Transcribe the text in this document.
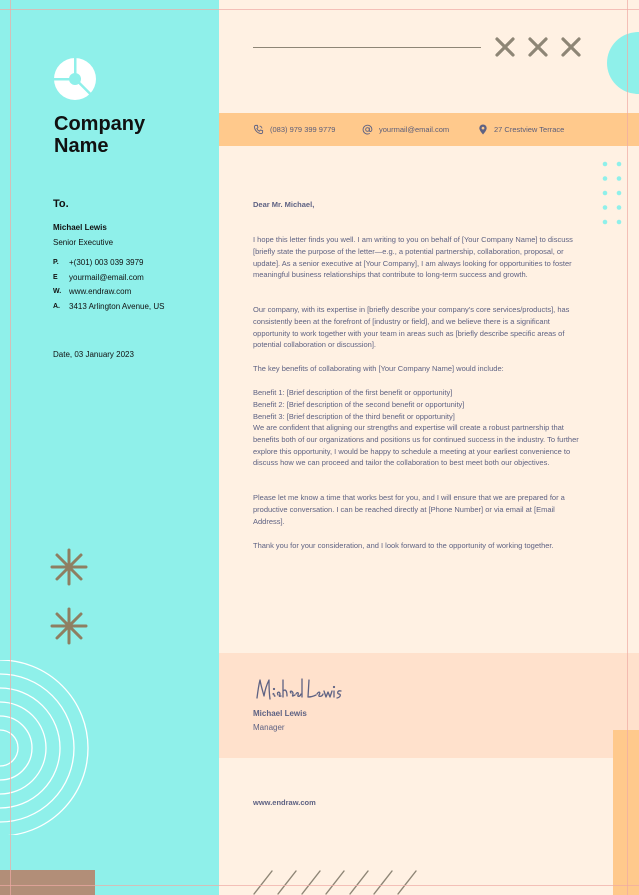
Company
Name
To.
Michael Lewis
Senior Executive
P.	+(301) 003 039 3979
E	yourmail@email.com
W. www.endraw.com
A.	3413 Arlington Avenue, US
Date, 03 January 2023
(083) 979 399 9779	yourmail@email.com	27 Crestview Terrace
Dear Mr. Michael,
I hope this letter finds you well. I am writing to you on behalf of [Your Company Name] to discuss [briefly state the purpose of the letter—e.g., a potential partnership, collaboration, proposal, or update]. As a senior executive at [Your Company], I am always looking for opportunities to foster meaningful business relationships that contribute to long-term success and growth.
Our company, with its expertise in [briefly describe your company's core services/products], has consistently been at the forefront of [industry or field], and we believe there is a significant opportunity to work together with your team in areas such as [briefly describe specific areas of potential collaboration or discussion].
The key benefits of collaborating with [Your Company Name] would include:
Benefit 1: [Brief description of the first benefit or opportunity]
Benefit 2: [Brief description of the second benefit or opportunity]
Benefit 3: [Brief description of the third benefit or opportunity]
We are confident that aligning our strengths and expertise will create a robust partnership that benefits both of our organizations and positions us for continued success in the industry. To further explore this opportunity, I would be happy to schedule a meeting at your earliest convenience to discuss how we can proceed and tailor the collaboration to best meet both our objectives.
Please let me know a time that works best for you, and I will ensure that we are prepared for a productive conversation. I can be reached directly at [Phone Number] or via email at [Email Address].
Thank you for your consideration, and I look forward to the opportunity of working together.
Michael Lewis
Manager
www.endraw.com
